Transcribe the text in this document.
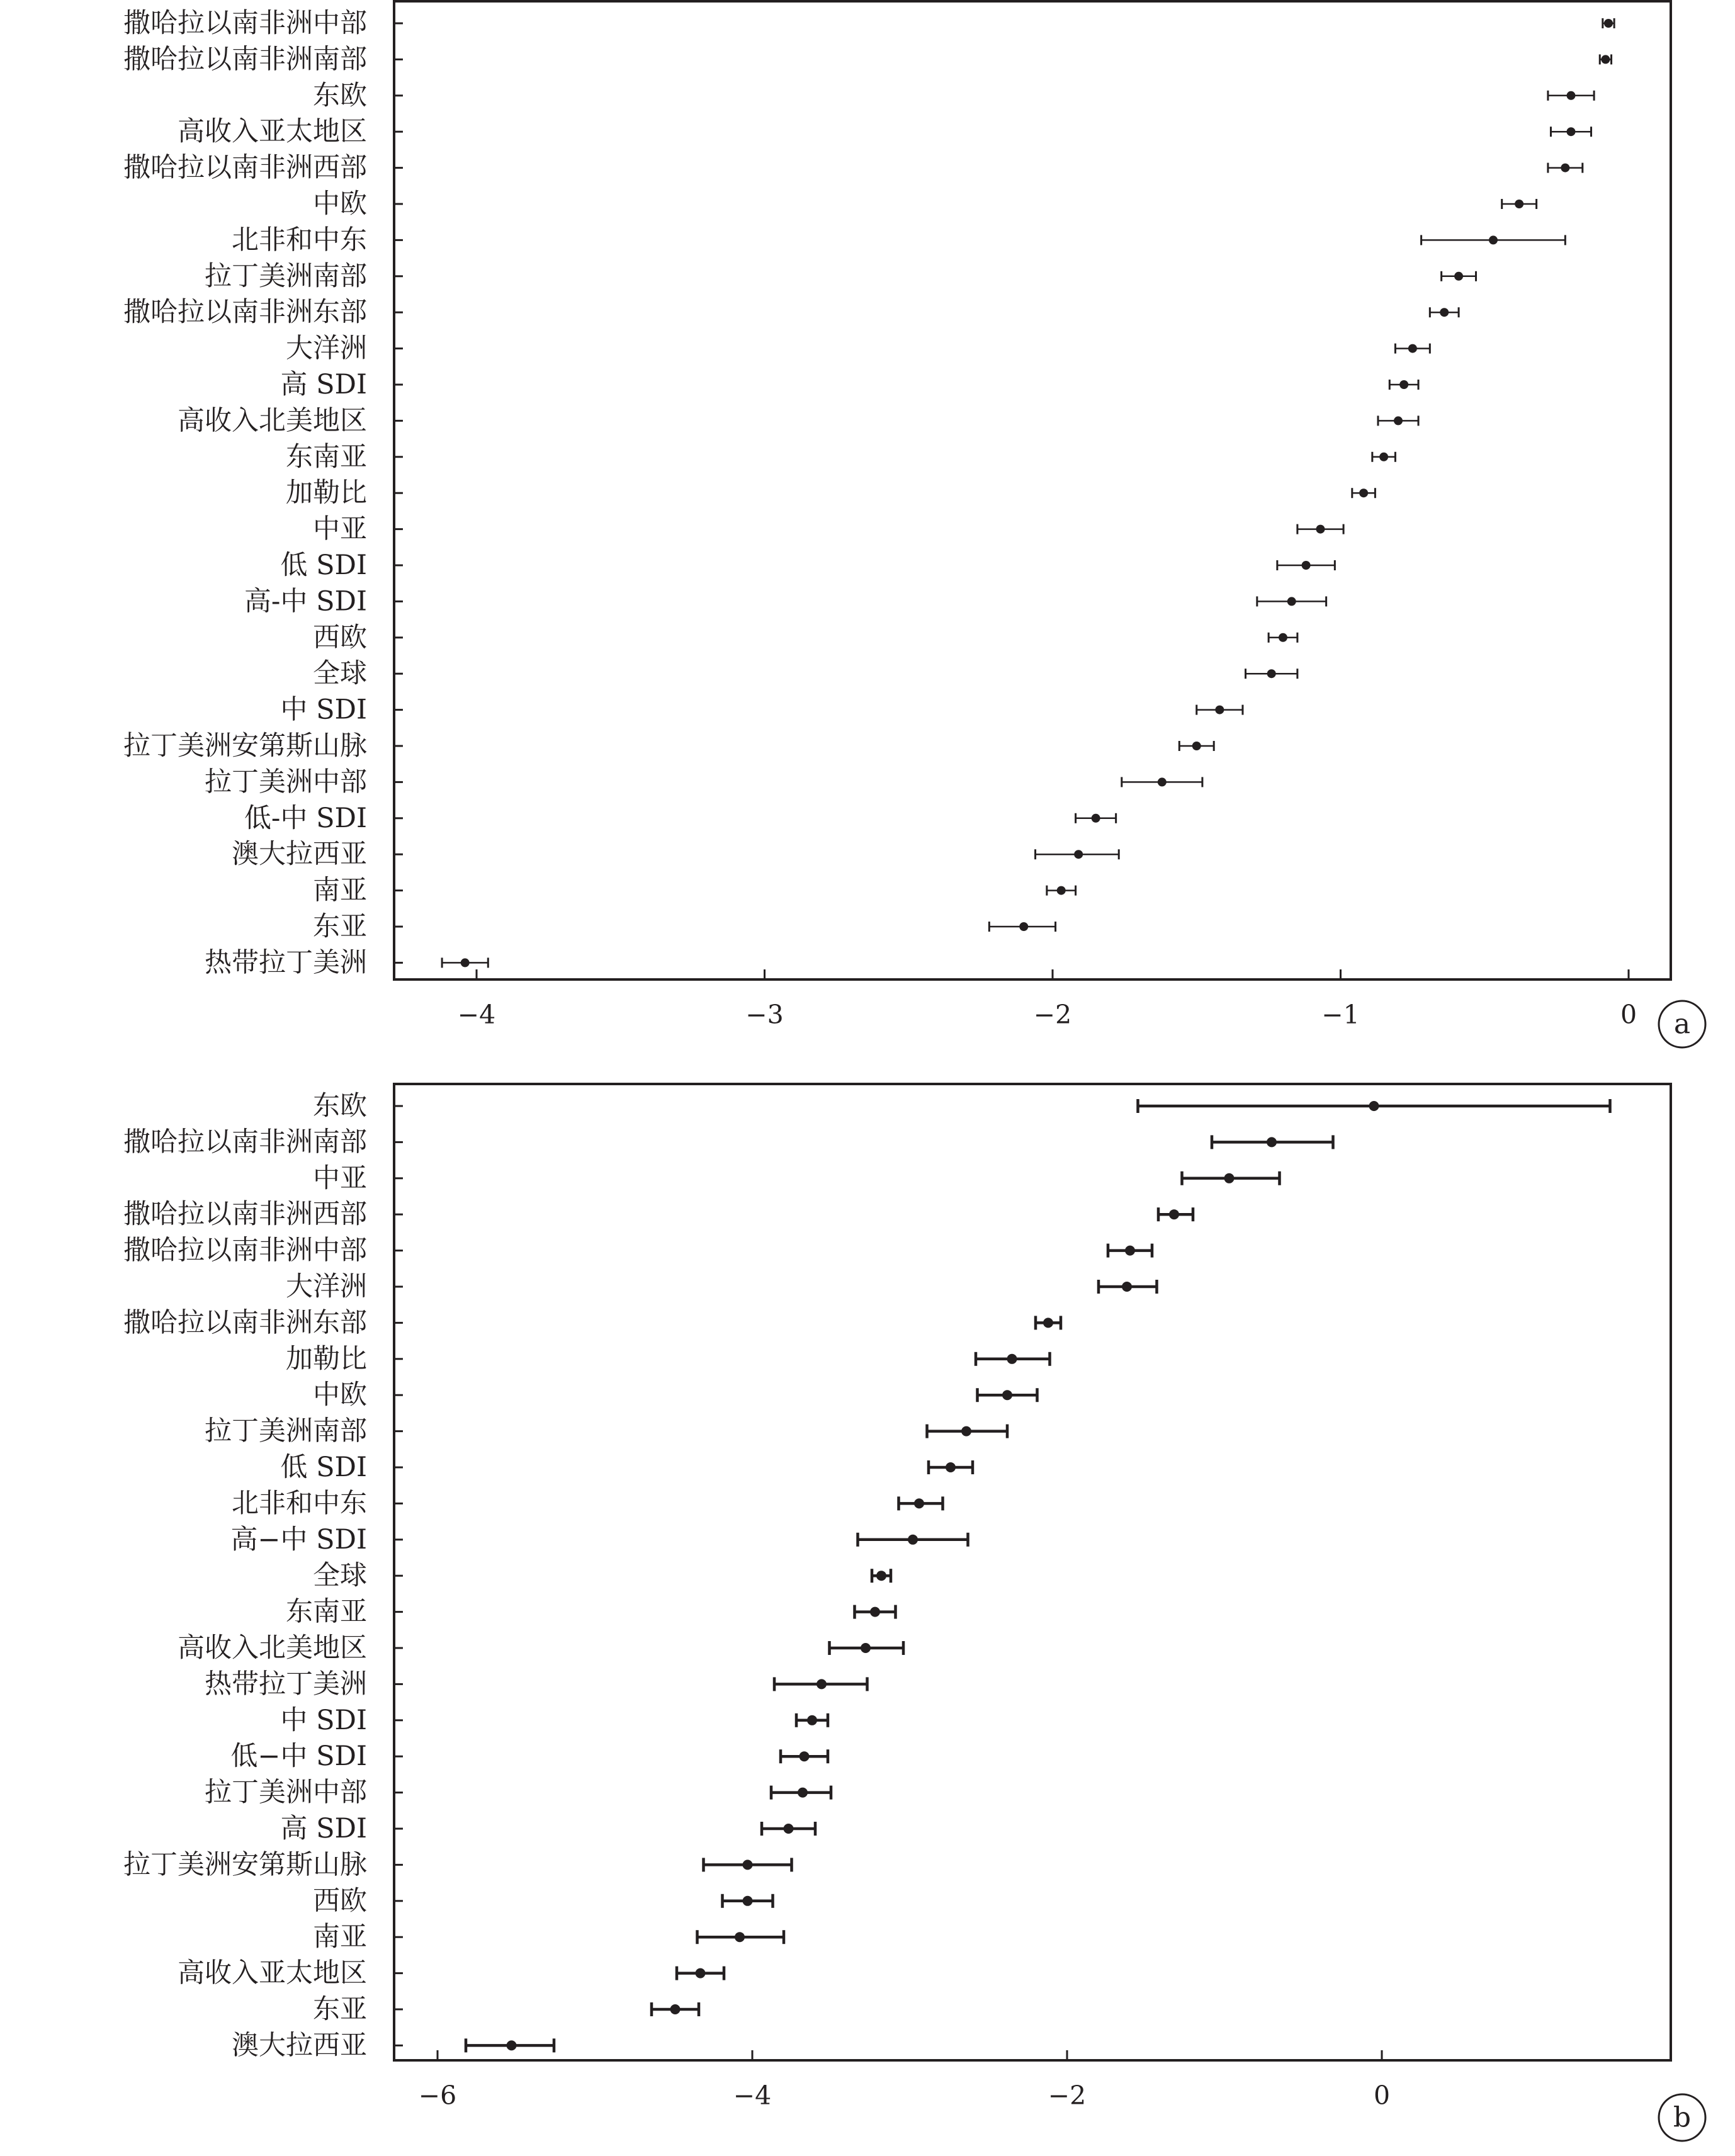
−4	−3	−2	−1	0
撒哈拉以南非洲中部
撒哈拉以南非洲南部
东欧
高收入亚太地区
撒哈拉以南非洲西部
中欧
北非和中东
拉丁美洲南部
撒哈拉以南非洲东部
大洋洲
高 SDI
高收入北美地区
东南亚
加勒比
中亚
低 SDI
高-中 SDI
西欧
全球
中 SDI
拉丁美洲安第斯山脉
拉丁美洲中部
低-中 SDI
澳大拉西亚
南亚
东亚
热带拉丁美洲
a
−6	−4	−2	0
东欧
撒哈拉以南非洲南部
中亚
撒哈拉以南非洲西部
撒哈拉以南非洲中部
大洋洲
撒哈拉以南非洲东部
加勒比
中欧
拉丁美洲南部
低 SDI
北非和中东
高−中 SDI
全球
东南亚
高收入北美地区
热带拉丁美洲
中 SDI
低−中 SDI
拉丁美洲中部
高 SDI
拉丁美洲安第斯山脉
西欧
南亚
高收入亚太地区
东亚
澳大拉西亚
b
